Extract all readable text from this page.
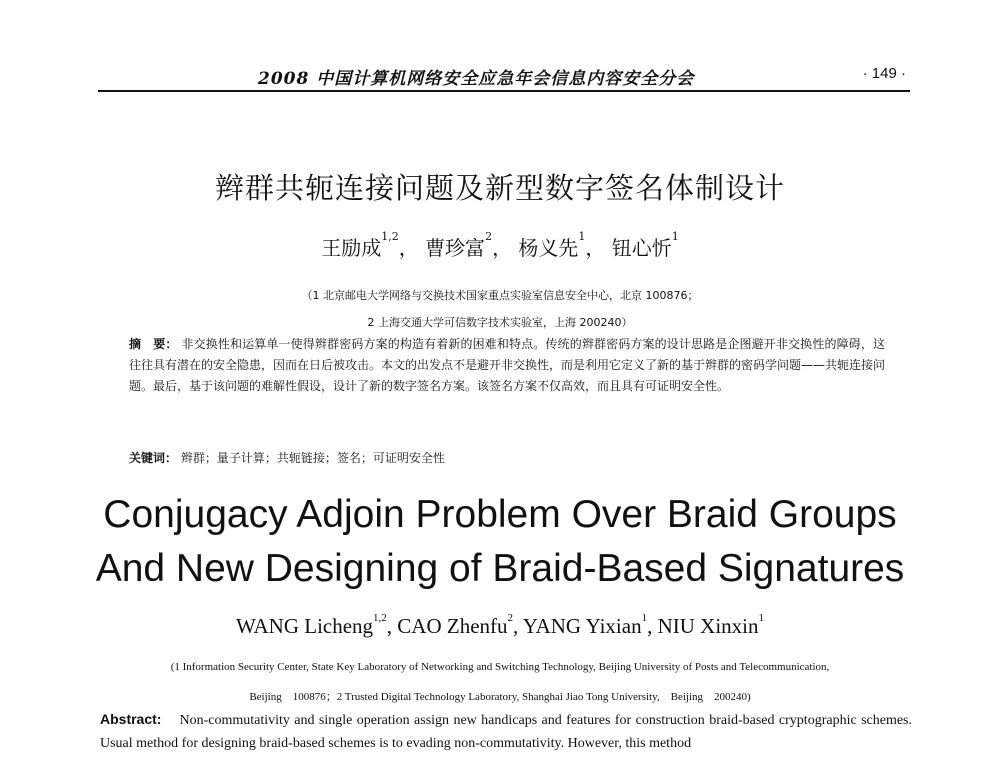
2008 中国计算机网络安全应急年会信息内容安全分会	· 149 ·
辫群共轭连接问题及新型数字签名体制设计
王励成$^{1,2}$， 曹珍富$^2$， 杨义先$^1$， 钮心忻$^1$
（1 北京邮电大学网络与交换技术国家重点实验室信息安全中心，北京 100876；
2 上海交通大学可信数字技术实验室，上海 200240）
摘　要： 非交换性和运算单一使得辫群密码方案的构造有着新的困难和特点。传统的辫群密码方案的设计思路是企图避开非交换性的障碍，这往往具有潜在的安全隐患，因而在日后被攻击。本文的出发点不是避开非交换性，而是利用它定义了新的基于辫群的密码学问题——共轭连接问题。最后，基于该问题的难解性假设，设计了新的数字签名方案。该签名方案不仅高效，而且具有可证明安全性。
关键词： 辫群；量子计算；共轭链接；签名；可证明安全性
Conjugacy Adjoin Problem Over Braid Groups
And New Designing of Braid-Based Signatures
WANG Licheng$^{1,2}$, CAO Zhenfu$^2$, YANG Yixian$^1$, NIU Xinxin$^1$
(1 Information Security Center, State Key Laboratory of Networking and Switching Technology, Beijing University of Posts and Telecommunication,
Beijing　100876；2 Trusted Digital Technology Laboratory, Shanghai Jiao Tong University,　Beijing　200240)
Abstract: Non-commutativity and single operation assign new handicaps and features for construction braid-based cryptographic schemes. Usual method for designing braid-based schemes is to evading non-commutativity. However, this method
